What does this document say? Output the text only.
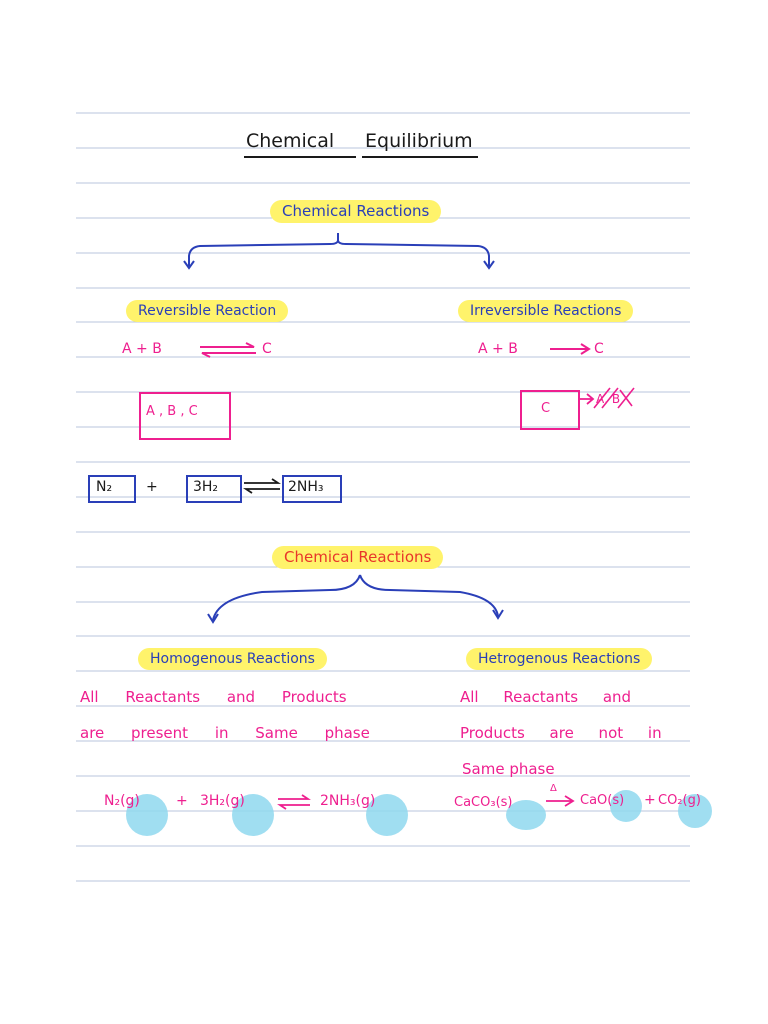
Chemical Equilibrium
Chemical Reactions
Reversible Reaction
A + B ⇌ C
A , B , C
Irreversible Reactions
A + B	C
C
A, B
N₂ +	3H₂	2NH₃
Chemical Reactions
Homogenous Reactions
All Reactants and Products
are present in Same phase
N₂(g)	+ 3H₂(g)	2NH₃(g)
Hetrogenous Reactions
All Reactants and
Products are not in
Same phase
CaCO₃(s)
Δ
CaO(s) + CO₂(g)
